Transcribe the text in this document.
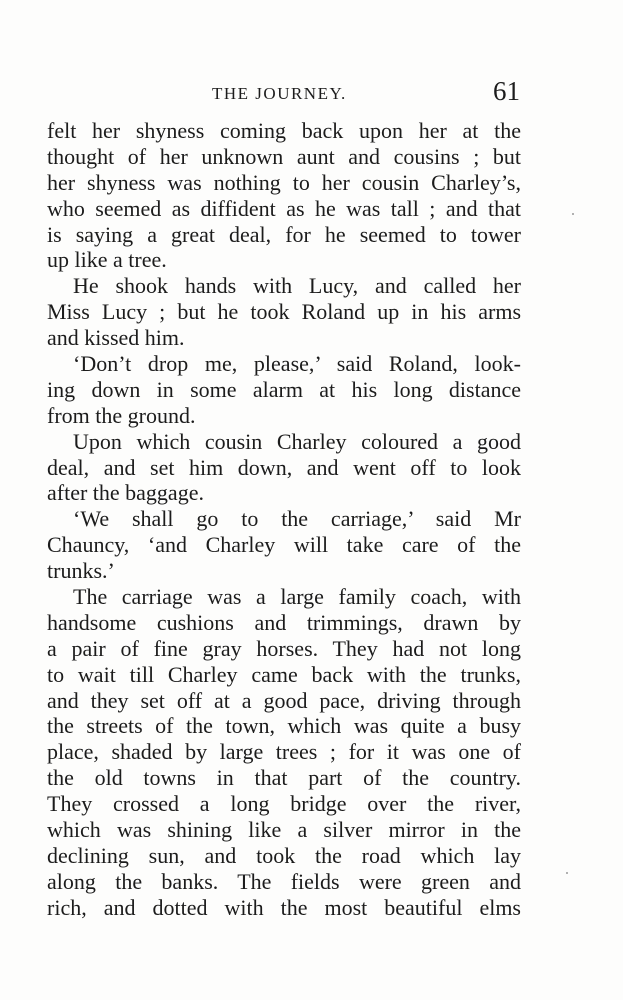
THE JOURNEY.	61
felt her shyness coming back upon her at the
thought of her unknown aunt and cousins ; but
her shyness was nothing to her cousin Charley’s,
who seemed as diffident as he was tall ; and that
is saying a great deal, for he seemed to tower
up like a tree.
He shook hands with Lucy, and called her
Miss Lucy ; but he took Roland up in his arms
and kissed him.
‘Don’t drop me, please,’ said Roland, look-
ing down in some alarm at his long distance
from the ground.
Upon which cousin Charley coloured a good
deal, and set him down, and went off to look
after the baggage.
‘We shall go to the carriage,’ said Mr
Chauncy, ‘and Charley will take care of the
trunks.’
The carriage was a large family coach, with
handsome cushions and trimmings, drawn by
a pair of fine gray horses. They had not long
to wait till Charley came back with the trunks,
and they set off at a good pace, driving through
the streets of the town, which was quite a busy
place, shaded by large trees ; for it was one of
the old towns in that part of the country.
They crossed a long bridge over the river,
which was shining like a silver mirror in the
declining sun, and took the road which lay
along the banks. The fields were green and
rich, and dotted with the most beautiful elms
